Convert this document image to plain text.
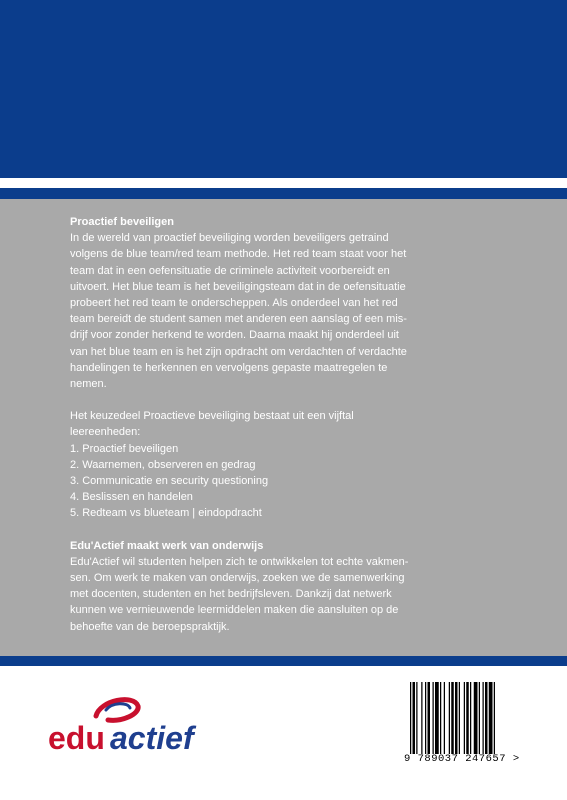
Proactief beveiligen

In de wereld van proactief beveiliging worden beveiligers getraind

volgens de blue team/red team methode. Het red team staat voor het

team dat in een oefensituatie de criminele activiteit voorbereidt en

uitvoert. Het blue team is het beveiligingsteam dat in de oefensituatie

probeert het red team te onderscheppen. Als onderdeel van het red

team bereidt de student samen met anderen een aanslag of een mis-

drijf voor zonder herkend te worden. Daarna maakt hij onderdeel uit

van het blue team en is het zijn opdracht om verdachten of verdachte

handelingen te herkennen en vervolgens gepaste maatregelen te

nemen.

Het keuzedeel Proactieve beveiliging bestaat uit een vijftal

leereenheden:

1. Proactief beveiligen

2. Waarnemen, observeren en gedrag

3. Communicatie en security questioning

4. Beslissen en handelen

5. Redteam vs blueteam | eindopdracht

Edu'Actief maakt werk van onderwijs

Edu'Actief wil studenten helpen zich te ontwikkelen tot echte vakmen-

sen. Om werk te maken van onderwijs, zoeken we de samenwerking

met docenten, studenten en het bedrijfsleven. Dankzij dat netwerk

kunnen we vernieuwende leermiddelen maken die aansluiten op de

behoefte van de beroepspraktijk.

edu actief
9 789037 247657 >
